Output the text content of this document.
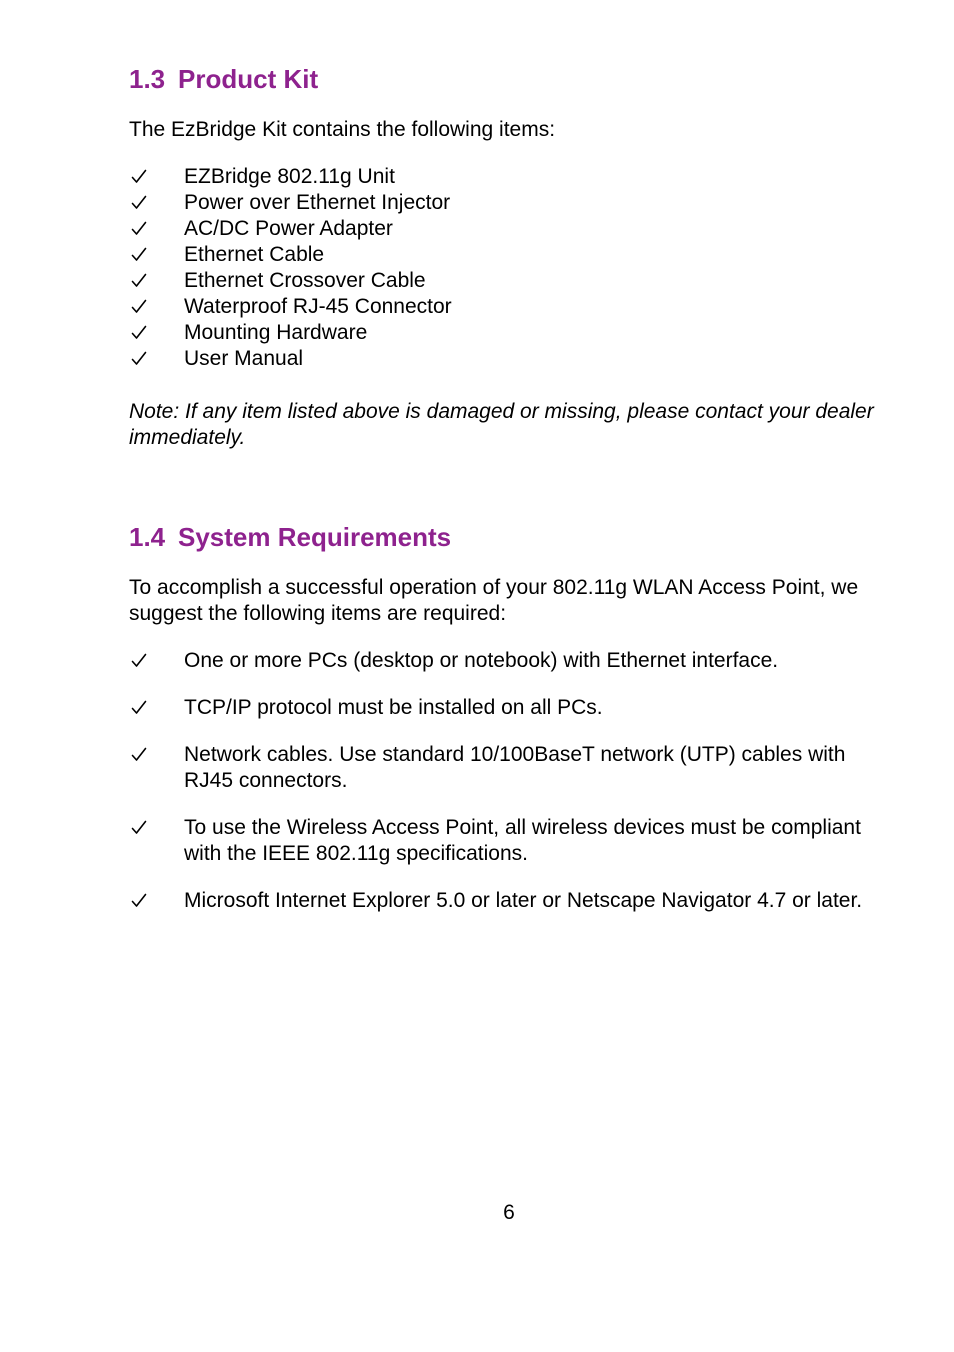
1.3 Product Kit

The EzBridge Kit contains the following items:

EZBridge 802.11g Unit
Power over Ethernet Injector
AC/DC Power Adapter
Ethernet Cable
Ethernet Crossover Cable
Waterproof RJ-45 Connector
Mounting Hardware
User Manual

Note: If any item listed above is damaged or missing, please contact your dealer immediately.

1.4 System Requirements

To accomplish a successful operation of your 802.11g WLAN Access Point, we suggest the following items are required:

One or more PCs (desktop or notebook) with Ethernet interface.
TCP/IP protocol must be installed on all PCs.
Network cables. Use standard 10/100BaseT network (UTP) cables with RJ45 connectors.
To use the Wireless Access Point, all wireless devices must be compliant with the IEEE 802.11g specifications.
Microsoft Internet Explorer 5.0 or later or Netscape Navigator 4.7 or later.
6
